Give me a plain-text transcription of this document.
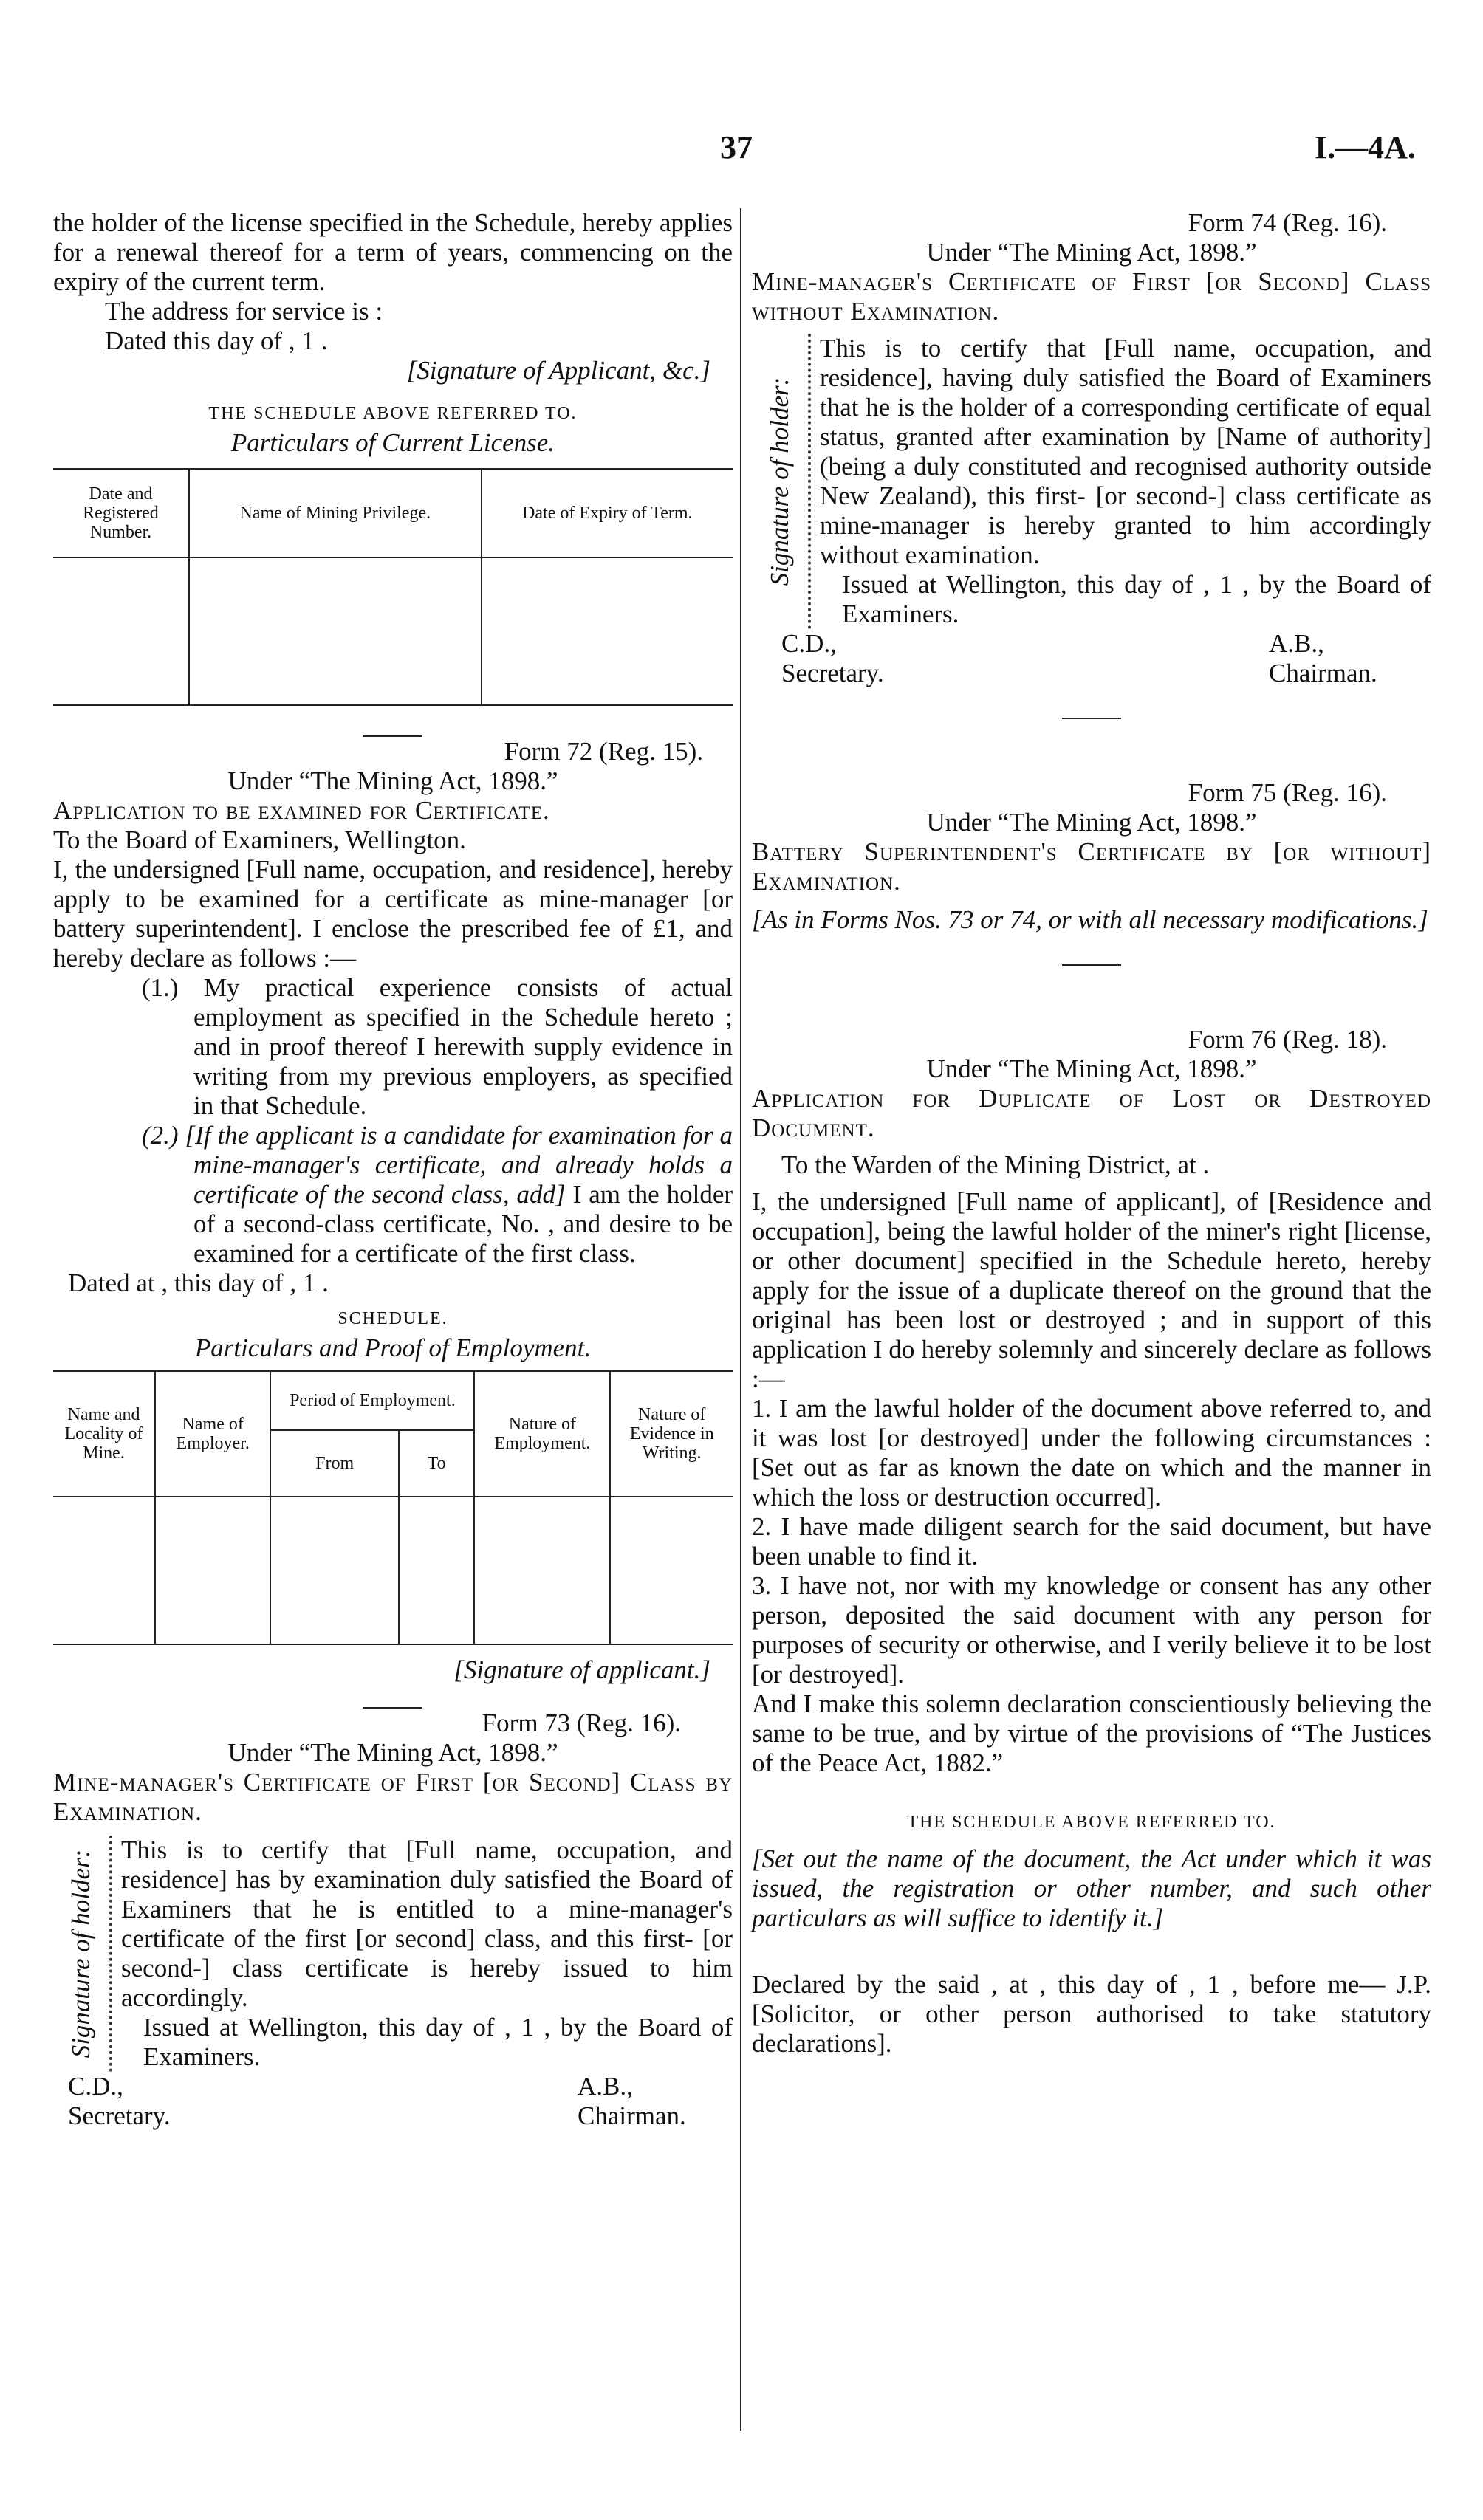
37	I.—4A.

the holder of the license specified in the Schedule, hereby applies for a renewal thereof for a term of years, commencing on the expiry of the current term.

The address for service is :

Dated this day of , 1 .

[Signature of Applicant, &c.]

THE SCHEDULE ABOVE REFERRED TO.

Particulars of Current License.

Date and Registered Number.	Name of Mining Privilege.	Date of Expiry of Term.

Form 72 (Reg. 15).

Under “The Mining Act, 1898.”

Application to be examined for Certificate.

To the Board of Examiners, Wellington.

I, the undersigned [Full name, occupation, and residence], hereby apply to be examined for a certificate as mine-manager [or battery superintendent]. I enclose the prescribed fee of £1, and hereby declare as follows :—

(1.) My practical experience consists of actual employment as specified in the Schedule hereto ; and in proof thereof I herewith supply evidence in writing from my previous employers, as specified in that Schedule.

(2.) [If the applicant is a candidate for examination for a mine-manager's certificate, and already holds a certificate of the second class, add] I am the holder of a second-class certificate, No. , and desire to be examined for a certificate of the first class.

Dated at , this day of , 1 .

SCHEDULE.

Particulars and Proof of Employment.

Name and Locality of Mine.	Name of Employer.	Period of Employment.		Nature of Employment.	Nature of Evidence in Writing.
		From	To		

[Signature of applicant.]

Form 73 (Reg. 16).

Under “The Mining Act, 1898.”

Mine-manager's Certificate of First [or Second] Class by Examination.

Signature of holder: This is to certify that [Full name, occupation, and residence] has by examination duly satisfied the Board of Examiners that he is entitled to a mine-manager's certificate of the first [or second] class, and this first- [or second-] class certificate is hereby issued to him accordingly.

Issued at Wellington, this day of , 1 , by the Board of Examiners.

C.D., Secretary.

A.B., Chairman.

Form 74 (Reg. 16).

Under “The Mining Act, 1898.”

Mine-manager's Certificate of First [or Second] Class without Examination.

Signature of holder:

This is to certify that [Full name, occupation, and residence], having duly satisfied the Board of Examiners that he is the holder of a corresponding certificate of equal status, granted after examination by [Name of authority] (being a duly constituted and recognised authority outside New Zealand), this first- [or second-] class certificate as mine-manager is hereby granted to him accordingly without examination.

Issued at Wellington, this day of , 1 , by the Board of Examiners.

C.D., Secretary.

A.B., Chairman.

Form 75 (Reg. 16).

Under “The Mining Act, 1898.”

Battery Superintendent's Certificate by [or without] Examination.

[As in Forms Nos. 73 or 74, or with all necessary modifications.]

Form 76 (Reg. 18).

Under “The Mining Act, 1898.”

Application for Duplicate of Lost or Destroyed Document.

To the Warden of the Mining District, at .

I, the undersigned [Full name of applicant], of [Residence and occupation], being the lawful holder of the miner's right [license, or other document] specified in the Schedule hereto, hereby apply for the issue of a duplicate thereof on the ground that the original has been lost or destroyed ; and in support of this application I do hereby solemnly and sincerely declare as follows :—

1. I am the lawful holder of the document above referred to, and it was lost [or destroyed] under the following circumstances : [Set out as far as known the date on which and the manner in which the loss or destruction occurred].

2. I have made diligent search for the said document, but have been unable to find it.

3. I have not, nor with my knowledge or consent has any other person, deposited the said document with any person for purposes of security or otherwise, and I verily believe it to be lost [or destroyed].

And I make this solemn declaration conscientiously believing the same to be true, and by virtue of the provisions of “The Justices of the Peace Act, 1882.”

THE SCHEDULE ABOVE REFERRED TO.

[Set out the name of the document, the Act under which it was issued, the registration or other number, and such other particulars as will suffice to identify it.]

Declared by the said , at , this day of , 1 , before me— J.P. [Solicitor, or other person authorised to take statutory declarations].
